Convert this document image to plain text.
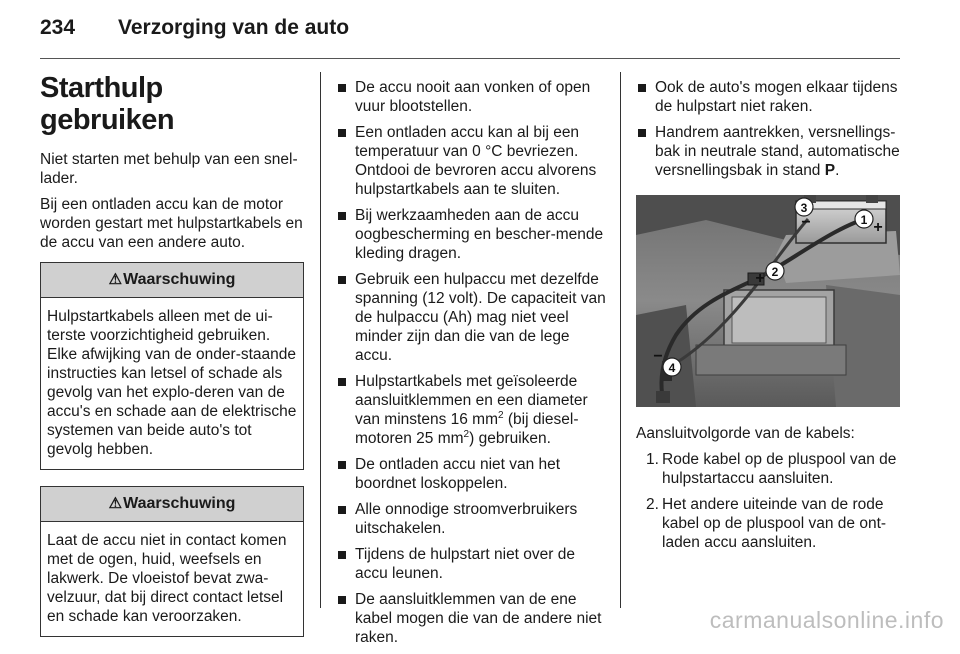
234 Verzorging van de auto
Starthulp gebruiken

Niet starten met behulp van een snel-lader.

Bij een ontladen accu kan de motor worden gestart met hulpstartkabels en de accu van een andere auto.

⚠Waarschuwing
Hulpstartkabels alleen met de ui-terste voorzichtigheid gebruiken. Elke afwijking van de onder-staande instructies kan letsel of schade als gevolg van het explo-deren van de accu's en schade aan de elektrische systemen van beide auto's tot gevolg hebben.
⚠Waarschuwing
Laat de accu niet in contact komen met de ogen, huid, weefsels en lakwerk. De vloeistof bevat zwa-velzuur, dat bij direct contact letsel en schade kan veroorzaken.
De accu nooit aan vonken of open vuur blootstellen.
Een ontladen accu kan al bij een temperatuur van 0 °C bevriezen. Ontdooi de bevroren accu alvorens hulpstartkabels aan te sluiten.
Bij werkzaamheden aan de accu oogbescherming en bescher-mende kleding dragen.
Gebruik een hulpaccu met dezelfde spanning (12 volt). De capaciteit van de hulpaccu (Ah) mag niet veel minder zijn dan die van de lege accu.
Hulpstartkabels met geïsoleerde aansluitklemmen en een diameter van minstens 16 $mm^2$ (bij diesel-motoren 25 $mm^2$) gebruiken.
De ontladen accu niet van het boordnet loskoppelen.
Alle onnodige stroomverbruikers uitschakelen.
Tijdens de hulpstart niet over de accu leunen.
De aansluitklemmen van de ene kabel mogen die van de andere niet raken.
Ook de auto's mogen elkaar tijdens de hulpstart niet raken.
Handrem aantrekken, versnellings-bak in neutrale stand, automatische versnellingsbak in stand P.
1 +
2
+
3
−
4
−

Aansluitvolgorde van de kabels:

1. Rode kabel op de pluspool van de hulpstartaccu aansluiten.
2. Het andere uiteinde van de rode kabel op de pluspool van de ont-laden accu aansluiten.
carmanualsonline.info
